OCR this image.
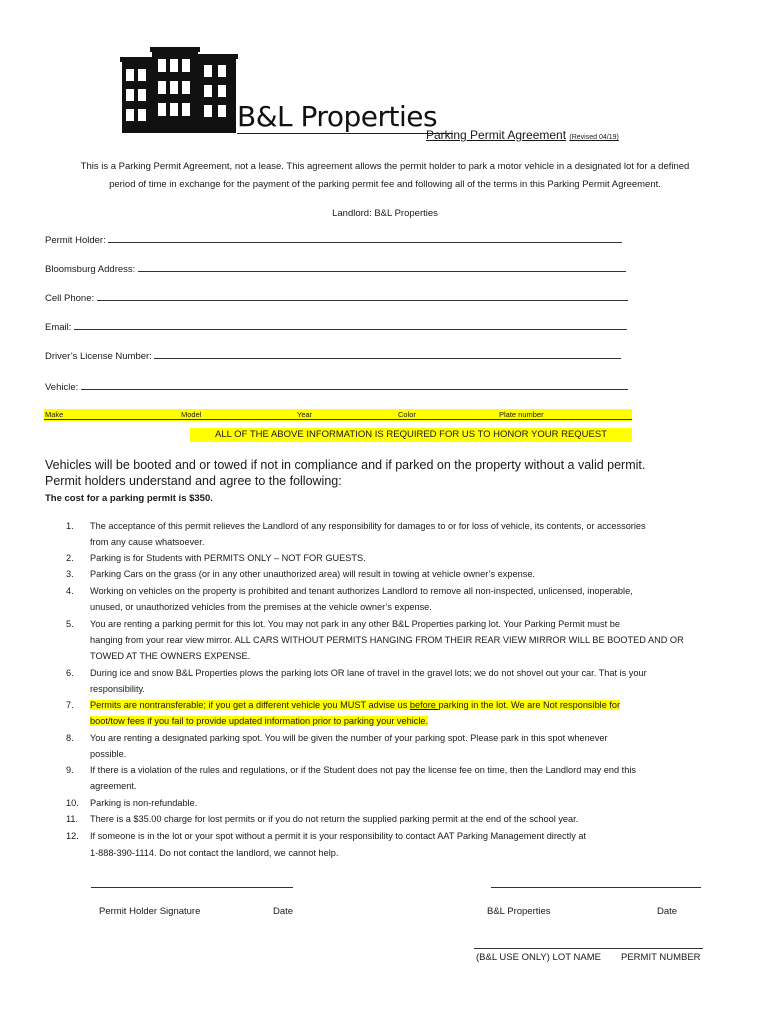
B&L Properties
Parking Permit Agreement (Revised 04/19)
This is a Parking Permit Agreement, not a lease. This agreement allows the permit holder to park a motor vehicle in a designated lot for a defined
period of time in exchange for the payment of the parking permit fee and following all of the terms in this Parking Permit Agreement.
Landlord: B&L Properties
Permit Holder:
Bloomsburg Address:
Cell Phone:
Email:
Driver’s License Number:
Vehicle:
Make	Model	Year	Color	Plate number
ALL OF THE ABOVE INFORMATION IS REQUIRED FOR US TO HONOR YOUR REQUEST
Vehicles will be booted and or towed if not in compliance and if parked on the property without a valid permit.
Permit holders understand and agree to the following:
The cost for a parking permit is $350.
1. The acceptance of this permit relieves the Landlord of any responsibility for damages to or for loss of vehicle, its contents, or accessories
from any cause whatsoever.
2. Parking is for Students with PERMITS ONLY – NOT FOR GUESTS.
3. Parking Cars on the grass (or in any other unauthorized area) will result in towing at vehicle owner’s expense.
4. Working on vehicles on the property is prohibited and tenant authorizes Landlord to remove all non-inspected, unlicensed, inoperable,
unused, or unauthorized vehicles from the premises at the vehicle owner’s expense.
5. You are renting a parking permit for this lot. You may not park in any other B&L Properties parking lot. Your Parking Permit must be
hanging from your rear view mirror. ALL CARS WITHOUT PERMITS HANGING FROM THEIR REAR VIEW MIRROR WILL BE BOOTED AND OR
TOWED AT THE OWNERS EXPENSE.
6. During ice and snow B&L Properties plows the parking lots OR lane of travel in the gravel lots; we do not shovel out your car. That is your
responsibility.
7. Permits are nontransferable; if you get a different vehicle you MUST advise us before parking in the lot. We are Not responsible for
boot/tow fees if you fail to provide updated information prior to parking your vehicle.
8. You are renting a designated parking spot. You will be given the number of your parking spot. Please park in this spot whenever
possible.
9. If there is a violation of the rules and regulations, or if the Student does not pay the license fee on time, then the Landlord may end this
agreement.
10. Parking is non-refundable.
11. There is a $35.00 charge for lost permits or if you do not return the supplied parking permit at the end of the school year.
12. If someone is in the lot or your spot without a permit it is your responsibility to contact AAT Parking Management directly at
1-888-390-1114. Do not contact the landlord, we cannot help.
Permit Holder Signature	Date	B&L Properties	Date
(B&L USE ONLY) LOT NAME PERMIT NUMBER
